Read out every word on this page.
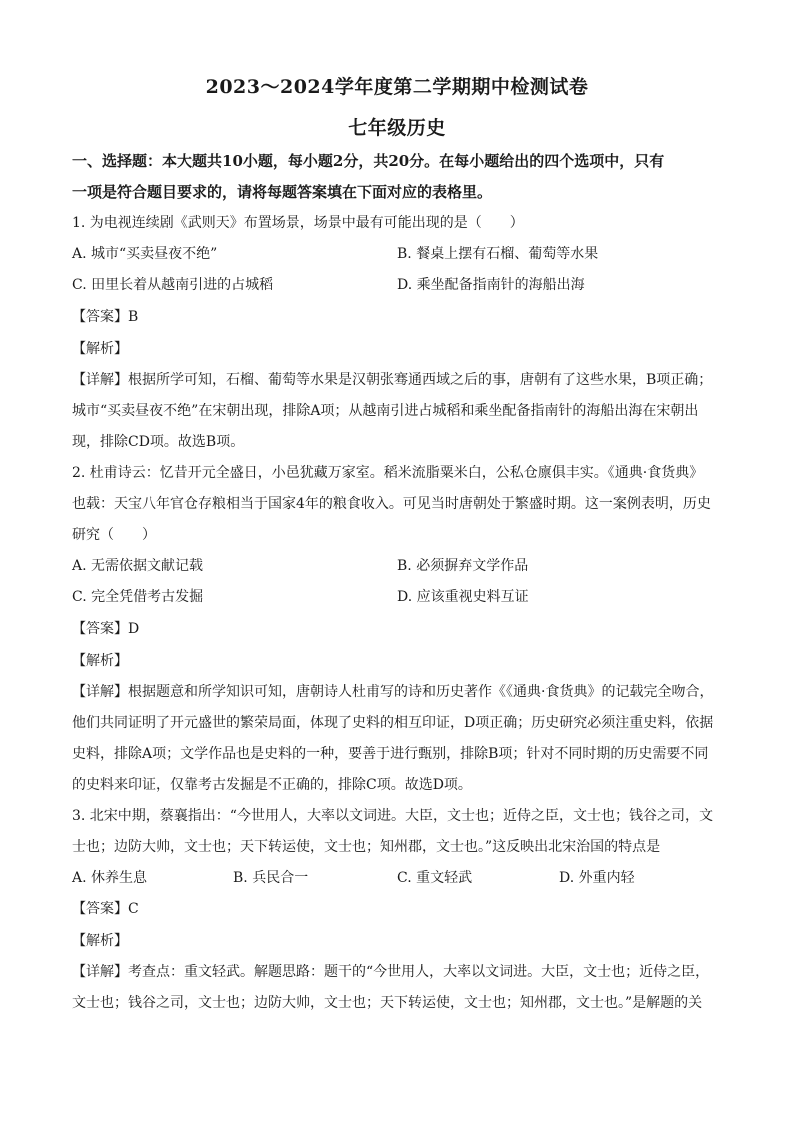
2023～2024学年度第二学期期中检测试卷
七年级历史
一、选择题：本大题共10小题，每小题2分，共20分。在每小题给出的四个选项中，只有
一项是符合题目要求的，请将每题答案填在下面对应的表格里。
1. 为电视连续剧《武则天》布置场景，场景中最有可能出现的是（　　）
A. 城市“买卖昼夜不绝”	B. 餐桌上摆有石榴、葡萄等水果
C. 田里长着从越南引进的占城稻	D. 乘坐配备指南针的海船出海
【答案】B
【解析】
【详解】根据所学可知，石榴、葡萄等水果是汉朝张骞通西域之后的事，唐朝有了这些水果，B项正确；
城市“买卖昼夜不绝”在宋朝出现，排除A项；从越南引进占城稻和乘坐配备指南针的海船出海在宋朝出
现，排除CD项。故选B项。
2. 杜甫诗云：忆昔开元全盛日，小邑犹藏万家室。稻米流脂粟米白，公私仓廪俱丰实。《通典·食货典》
也载：天宝八年官仓存粮相当于国家4年的粮食收入。可见当时唐朝处于繁盛时期。这一案例表明，历史
研究（　　）
A. 无需依据文献记载	B. 必须摒弃文学作品
C. 完全凭借考古发掘	D. 应该重视史料互证
【答案】D
【解析】
【详解】根据题意和所学知识可知，唐朝诗人杜甫写的诗和历史著作《《通典·食货典》的记载完全吻合，
他们共同证明了开元盛世的繁荣局面，体现了史料的相互印证，D项正确；历史研究必须注重史料，依据
史料，排除A项；文学作品也是史料的一种，要善于进行甄别，排除B项；针对不同时期的历史需要不同
的史料来印证，仅靠考古发掘是不正确的，排除C项。故选D项。
3. 北宋中期，蔡襄指出：“今世用人，大率以文词进。大臣，文士也；近侍之臣，文士也；钱谷之司，文
士也；边防大帅，文士也；天下转运使，文士也；知州郡，文士也。”这反映出北宋治国的特点是
A. 休养生息	B. 兵民合一	C. 重文轻武	D. 外重内轻
【答案】C
【解析】
【详解】考查点：重文轻武。解题思路：题干的“今世用人，大率以文词进。大臣，文士也；近侍之臣，
文士也；钱谷之司，文士也；边防大帅，文士也；天下转运使，文士也；知州郡，文士也。”是解题的关
